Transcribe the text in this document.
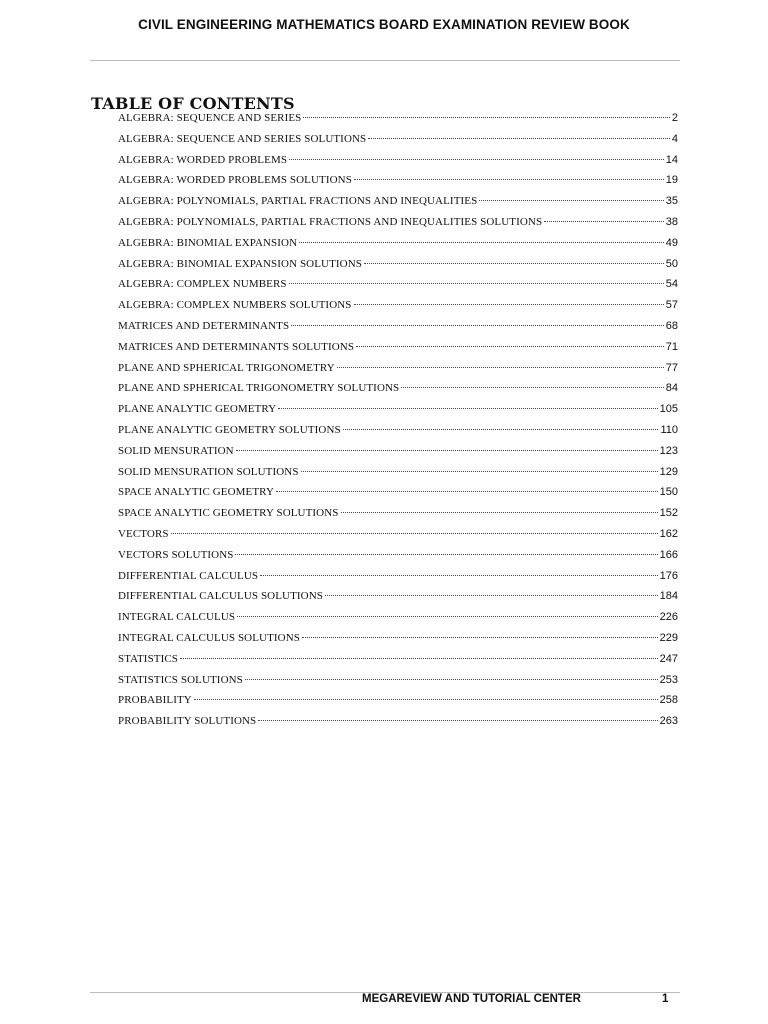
CIVIL ENGINEERING MATHEMATICS BOARD EXAMINATION REVIEW BOOK
TABLE OF CONTENTS
ALGEBRA: SEQUENCE AND SERIES	2
ALGEBRA: SEQUENCE AND SERIES SOLUTIONS	4
ALGEBRA: WORDED PROBLEMS	14
ALGEBRA: WORDED PROBLEMS SOLUTIONS	19
ALGEBRA: POLYNOMIALS, PARTIAL FRACTIONS AND INEQUALITIES	35
ALGEBRA: POLYNOMIALS, PARTIAL FRACTIONS AND INEQUALITIES SOLUTIONS	38
ALGEBRA: BINOMIAL EXPANSION	49
ALGEBRA: BINOMIAL EXPANSION SOLUTIONS	50
ALGEBRA: COMPLEX NUMBERS	54
ALGEBRA: COMPLEX NUMBERS SOLUTIONS	57
MATRICES AND DETERMINANTS	68
MATRICES AND DETERMINANTS SOLUTIONS	71
PLANE AND SPHERICAL TRIGONOMETRY	77
PLANE AND SPHERICAL TRIGONOMETRY SOLUTIONS	84
PLANE ANALYTIC GEOMETRY	105
PLANE ANALYTIC GEOMETRY SOLUTIONS	110
SOLID MENSURATION	123
SOLID MENSURATION SOLUTIONS	129
SPACE ANALYTIC GEOMETRY	150
SPACE ANALYTIC GEOMETRY SOLUTIONS	152
VECTORS	162
VECTORS SOLUTIONS	166
DIFFERENTIAL CALCULUS	176
DIFFERENTIAL CALCULUS SOLUTIONS	184
INTEGRAL CALCULUS	226
INTEGRAL CALCULUS SOLUTIONS	229
STATISTICS	247
STATISTICS SOLUTIONS	253
PROBABILITY	258
PROBABILITY SOLUTIONS	263
MEGAREVIEW AND TUTORIAL CENTER	1
